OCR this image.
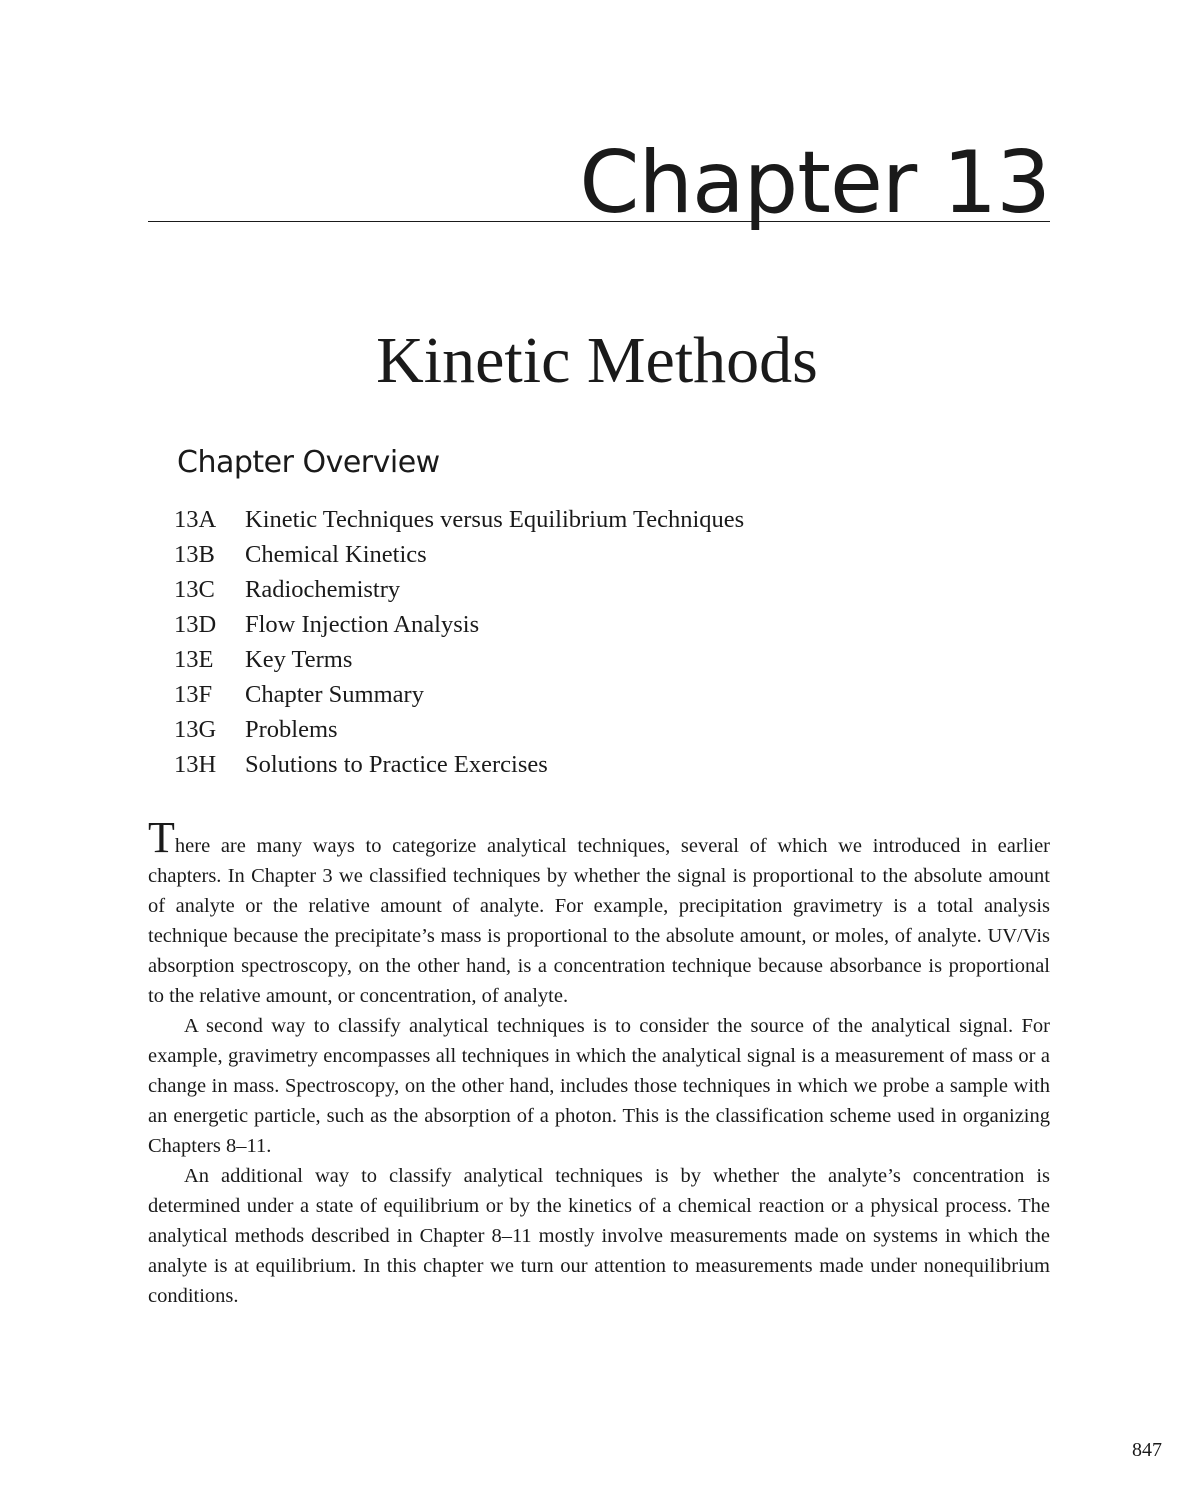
Chapter 13
Kinetic Methods
Chapter Overview
13A Kinetic Techniques versus Equilibrium Techniques
13B Chemical Kinetics
13C Radiochemistry
13D Flow Injection Analysis
13E Key Terms
13F Chapter Summary
13G Problems
13H Solutions to Practice Exercises

There are many ways to categorize analytical techniques, several of which we introduced in earlier chapters. In Chapter 3 we classified techniques by whether the signal is proportional to the absolute amount of analyte or the relative amount of analyte. For example, precipitation gravimetry is a total analysis technique because the precipitate’s mass is proportional to the absolute amount, or moles, of analyte. UV/Vis absorption spectroscopy, on the other hand, is a concentration technique because absorbance is proportional to the relative amount, or concentration, of analyte.

A second way to classify analytical techniques is to consider the source of the analytical signal. For example, gravimetry encompasses all techniques in which the analytical signal is a measurement of mass or a change in mass. Spectroscopy, on the other hand, includes those techniques in which we probe a sample with an energetic particle, such as the absorption of a photon. This is the classification scheme used in organizing Chapters 8–11.

An additional way to classify analytical techniques is by whether the analyte’s concentration is determined under a state of equilibrium or by the kinetics of a chemical reaction or a physical process. The analytical methods described in Chapter 8–11 mostly involve measurements made on systems in which the analyte is at equilibrium. In this chapter we turn our attention to measurements made under nonequilibrium conditions.

847
